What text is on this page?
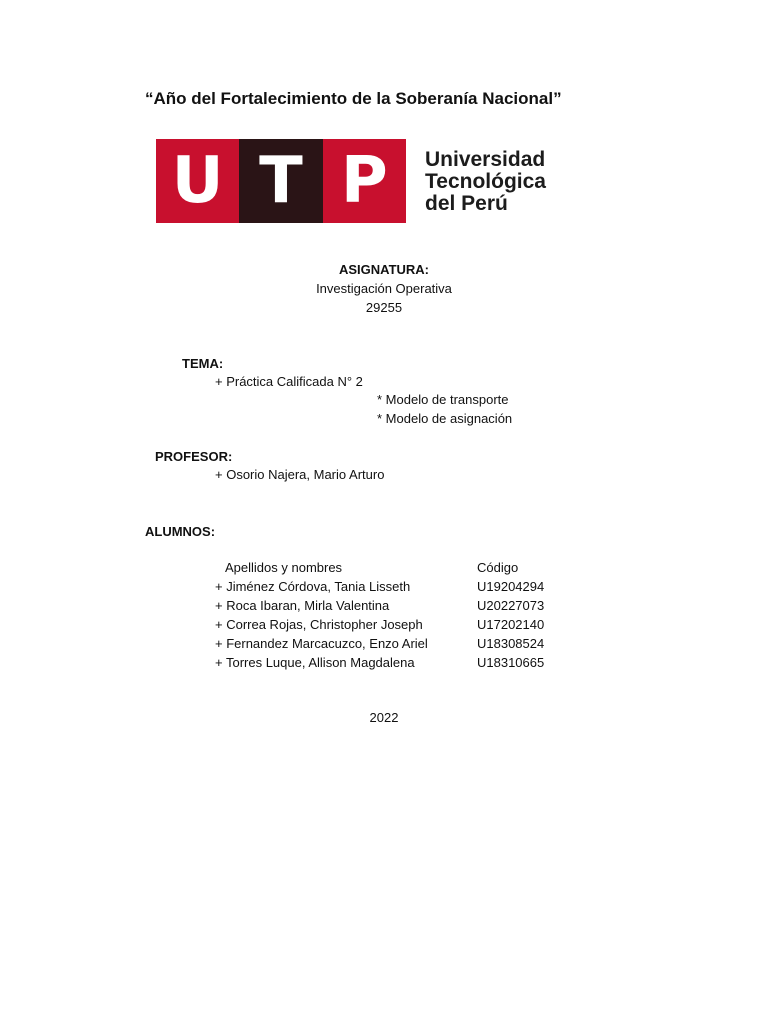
“Año del Fortalecimiento de la Soberanía Nacional”
U T P Universidad
Tecnológica
del Perú
ASIGNATURA:
Investigación Operativa
29255
TEMA:
+ Práctica Calificada N° 2
* Modelo de transporte
* Modelo de asignación
PROFESOR:
+ Osorio Najera, Mario Arturo
ALUMNOS:
Apellidos y nombres	Código
+ Jiménez Córdova, Tania Lisseth	U19204294
+ Roca Ibaran, Mirla Valentina	U20227073
+ Correa Rojas, Christopher Joseph	U17202140
+ Fernandez Marcacuzco, Enzo Ariel	U18308524
+ Torres Luque, Allison Magdalena	U18310665
2022
